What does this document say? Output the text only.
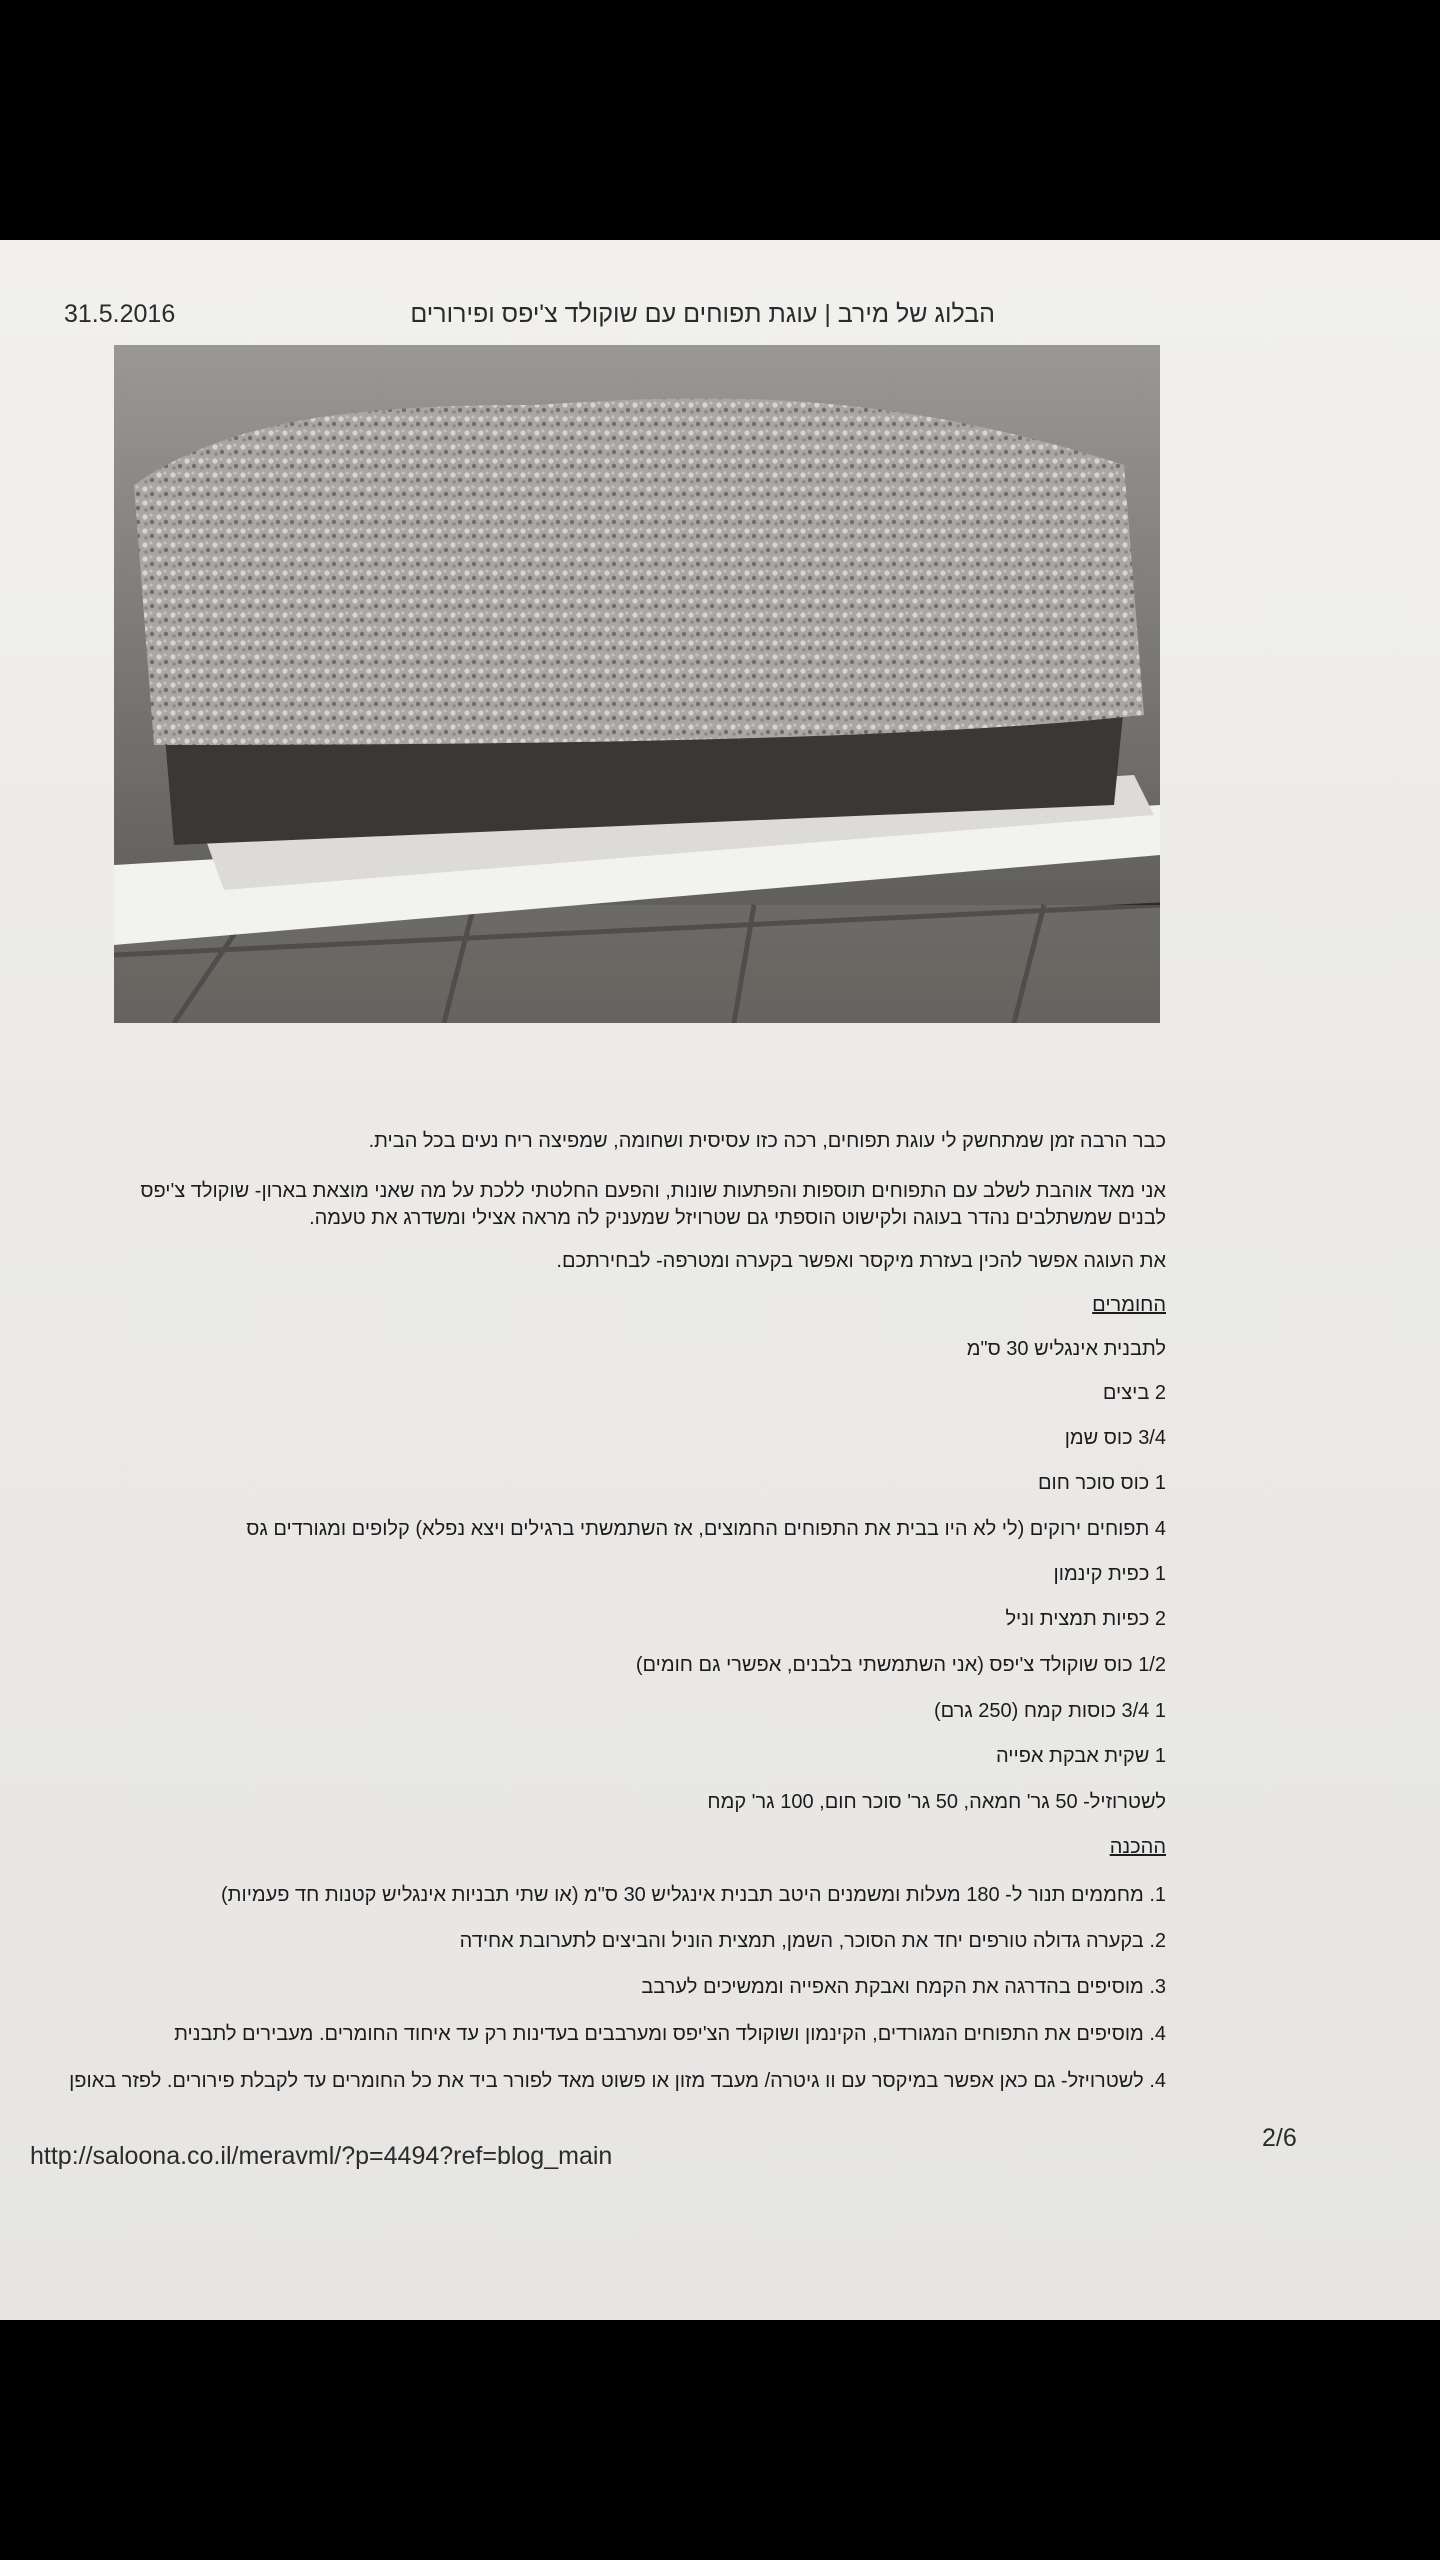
31.5.2016	הבלוג של מירב | עוגת תפוחים עם שוקולד צ'יפס ופירורים
כבר הרבה זמן שמתחשק לי עוגת תפוחים, רכה כזו עסיסית ושחומה, שמפיצה ריח נעים בכל הבית.
אני מאד אוהבת לשלב עם התפוחים תוספות והפתעות שונות, והפעם החלטתי ללכת על מה שאני מוצאת בארון- שוקולד צ'יפס לבנים שמשתלבים נהדר בעוגה ולקישוט הוספתי גם שטרויזל שמעניק לה מראה אצילי ומשדרג את טעמה.
את העוגה אפשר להכין בעזרת מיקסר ואפשר בקערה ומטרפה- לבחירתכם.
החומרים
לתבנית אינגליש 30 ס"מ
2 ביצים
3/4 כוס שמן
1 כוס סוכר חום
4 תפוחים ירוקים (לי לא היו בבית את התפוחים החמוצים, אז השתמשתי ברגילים ויצא נפלא) קלופים ומגורדים גס
1 כפית קינמון
2 כפיות תמצית וניל
1/2 כוס שוקולד צ'יפס (אני השתמשתי בלבנים, אפשרי גם חומים)
1 3/4 כוסות קמח (250 גרם)
1 שקית אבקת אפייה
לשטרוזיל- 50 גר' חמאה, 50 גר' סוכר חום, 100 גר' קמח
ההכנה
1. מחממים תנור ל- 180 מעלות ומשמנים היטב תבנית אינגליש 30 ס"מ (או שתי תבניות אינגליש קטנות חד פעמיות)
2. בקערה גדולה טורפים יחד את הסוכר, השמן, תמצית הוניל והביצים לתערובת אחידה
3. מוסיפים בהדרגה את הקמח ואבקת האפייה וממשיכים לערבב
4. מוסיפים את התפוחים המגורדים, הקינמון ושוקולד הצ'יפס ומערבבים בעדינות רק עד איחוד החומרים. מעבירים לתבנית
4. לשטרויזל- גם כאן אפשר במיקסר עם וו גיטרה/ מעבד מזון או פשוט מאד לפורר ביד את כל החומרים עד לקבלת פירורים. לפזר באופן
2/6
http://saloona.co.il/meravml/?p=4494?ref=blog_main
